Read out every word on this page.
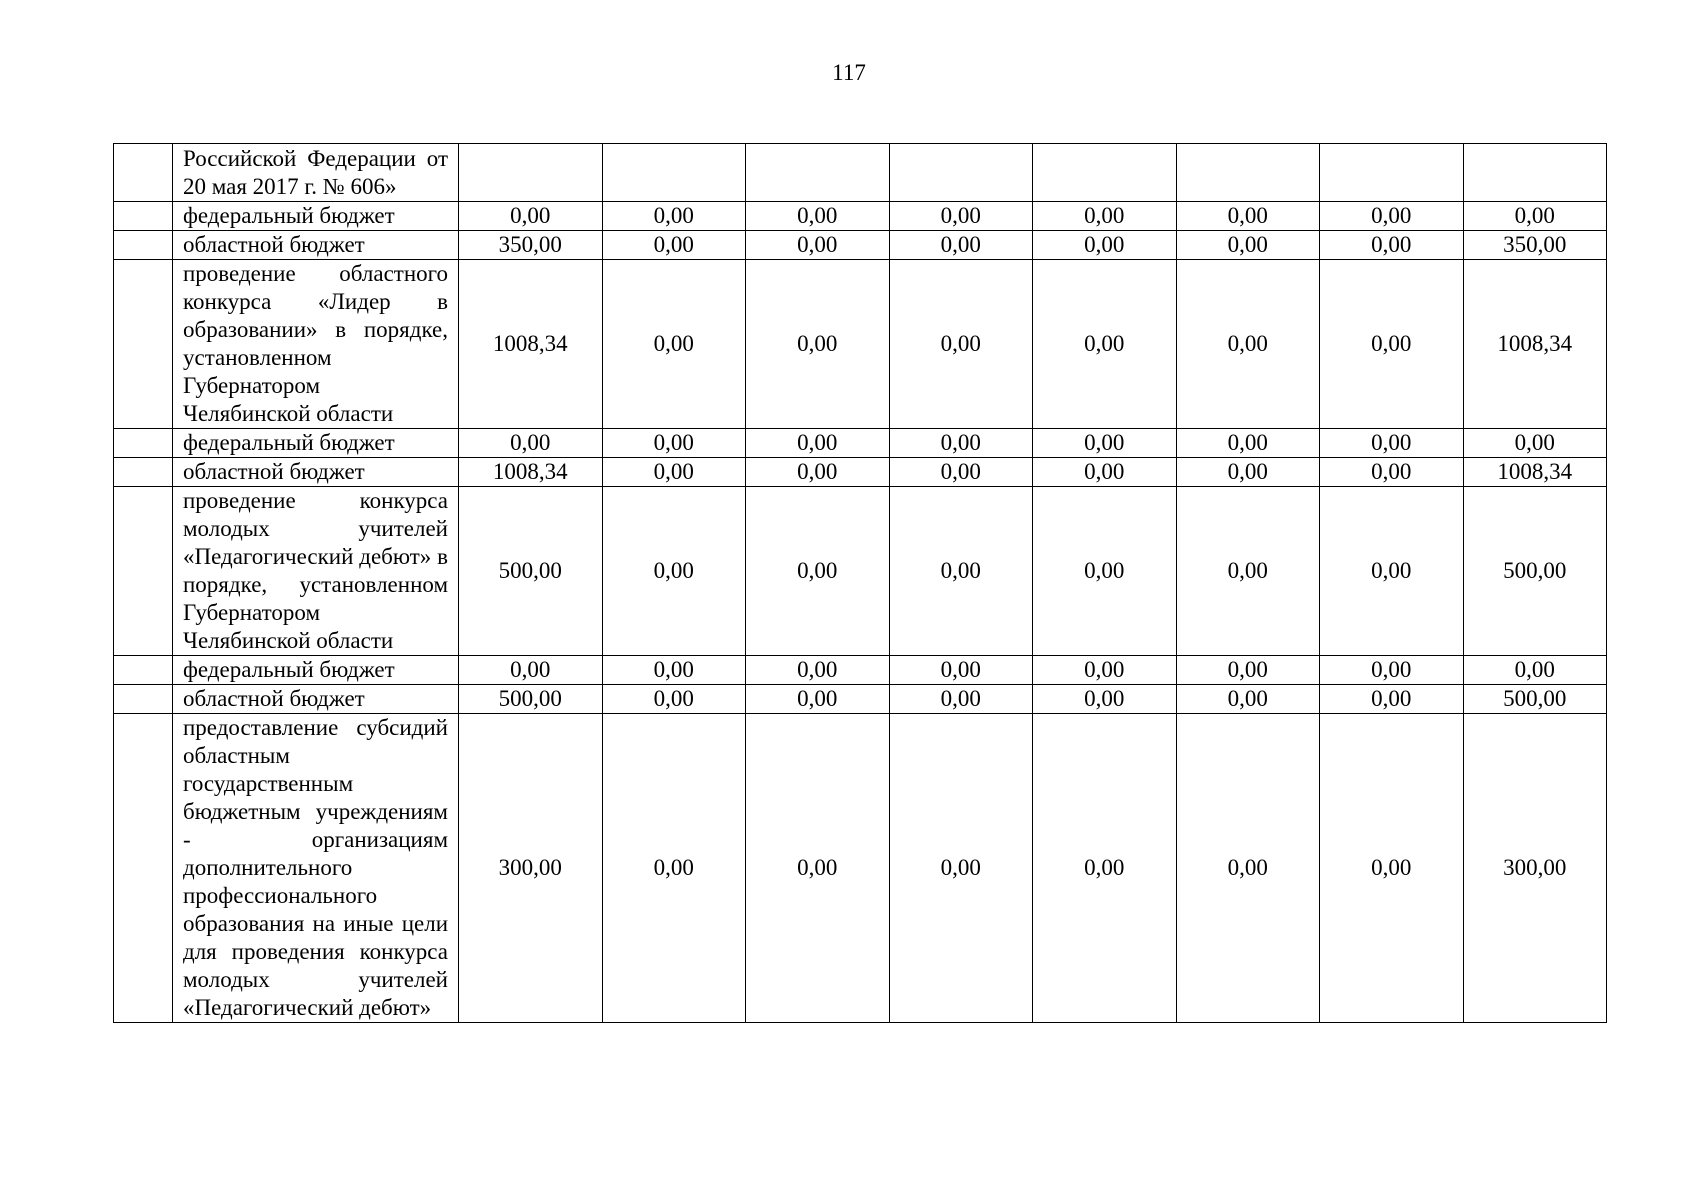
117
	Российской Федерации от 20 мая 2017 г. № 606»								
	федеральный бюджет	0,00	0,00	0,00	0,00	0,00	0,00	0,00	0,00
	областной бюджет	350,00	0,00	0,00	0,00	0,00	0,00	0,00	350,00
	проведение областного конкурса «Лидер в образовании» в порядке, установленном Губернатором Челябинской области	1008,34	0,00	0,00	0,00	0,00	0,00	0,00	1008,34
	федеральный бюджет	0,00	0,00	0,00	0,00	0,00	0,00	0,00	0,00
	областной бюджет	1008,34	0,00	0,00	0,00	0,00	0,00	0,00	1008,34
	проведение конкурса молодых учителей «Педагогический дебют» в порядке, установленном Губернатором Челябинской области	500,00	0,00	0,00	0,00	0,00	0,00	0,00	500,00
	федеральный бюджет	0,00	0,00	0,00	0,00	0,00	0,00	0,00	0,00
	областной бюджет	500,00	0,00	0,00	0,00	0,00	0,00	0,00	500,00
	предоставление субсидий областным государственным бюджетным учреждениям - организациям дополнительного профессионального образования на иные цели для проведения конкурса молодых учителей «Педагогический дебют»	300,00	0,00	0,00	0,00	0,00	0,00	0,00	300,00
